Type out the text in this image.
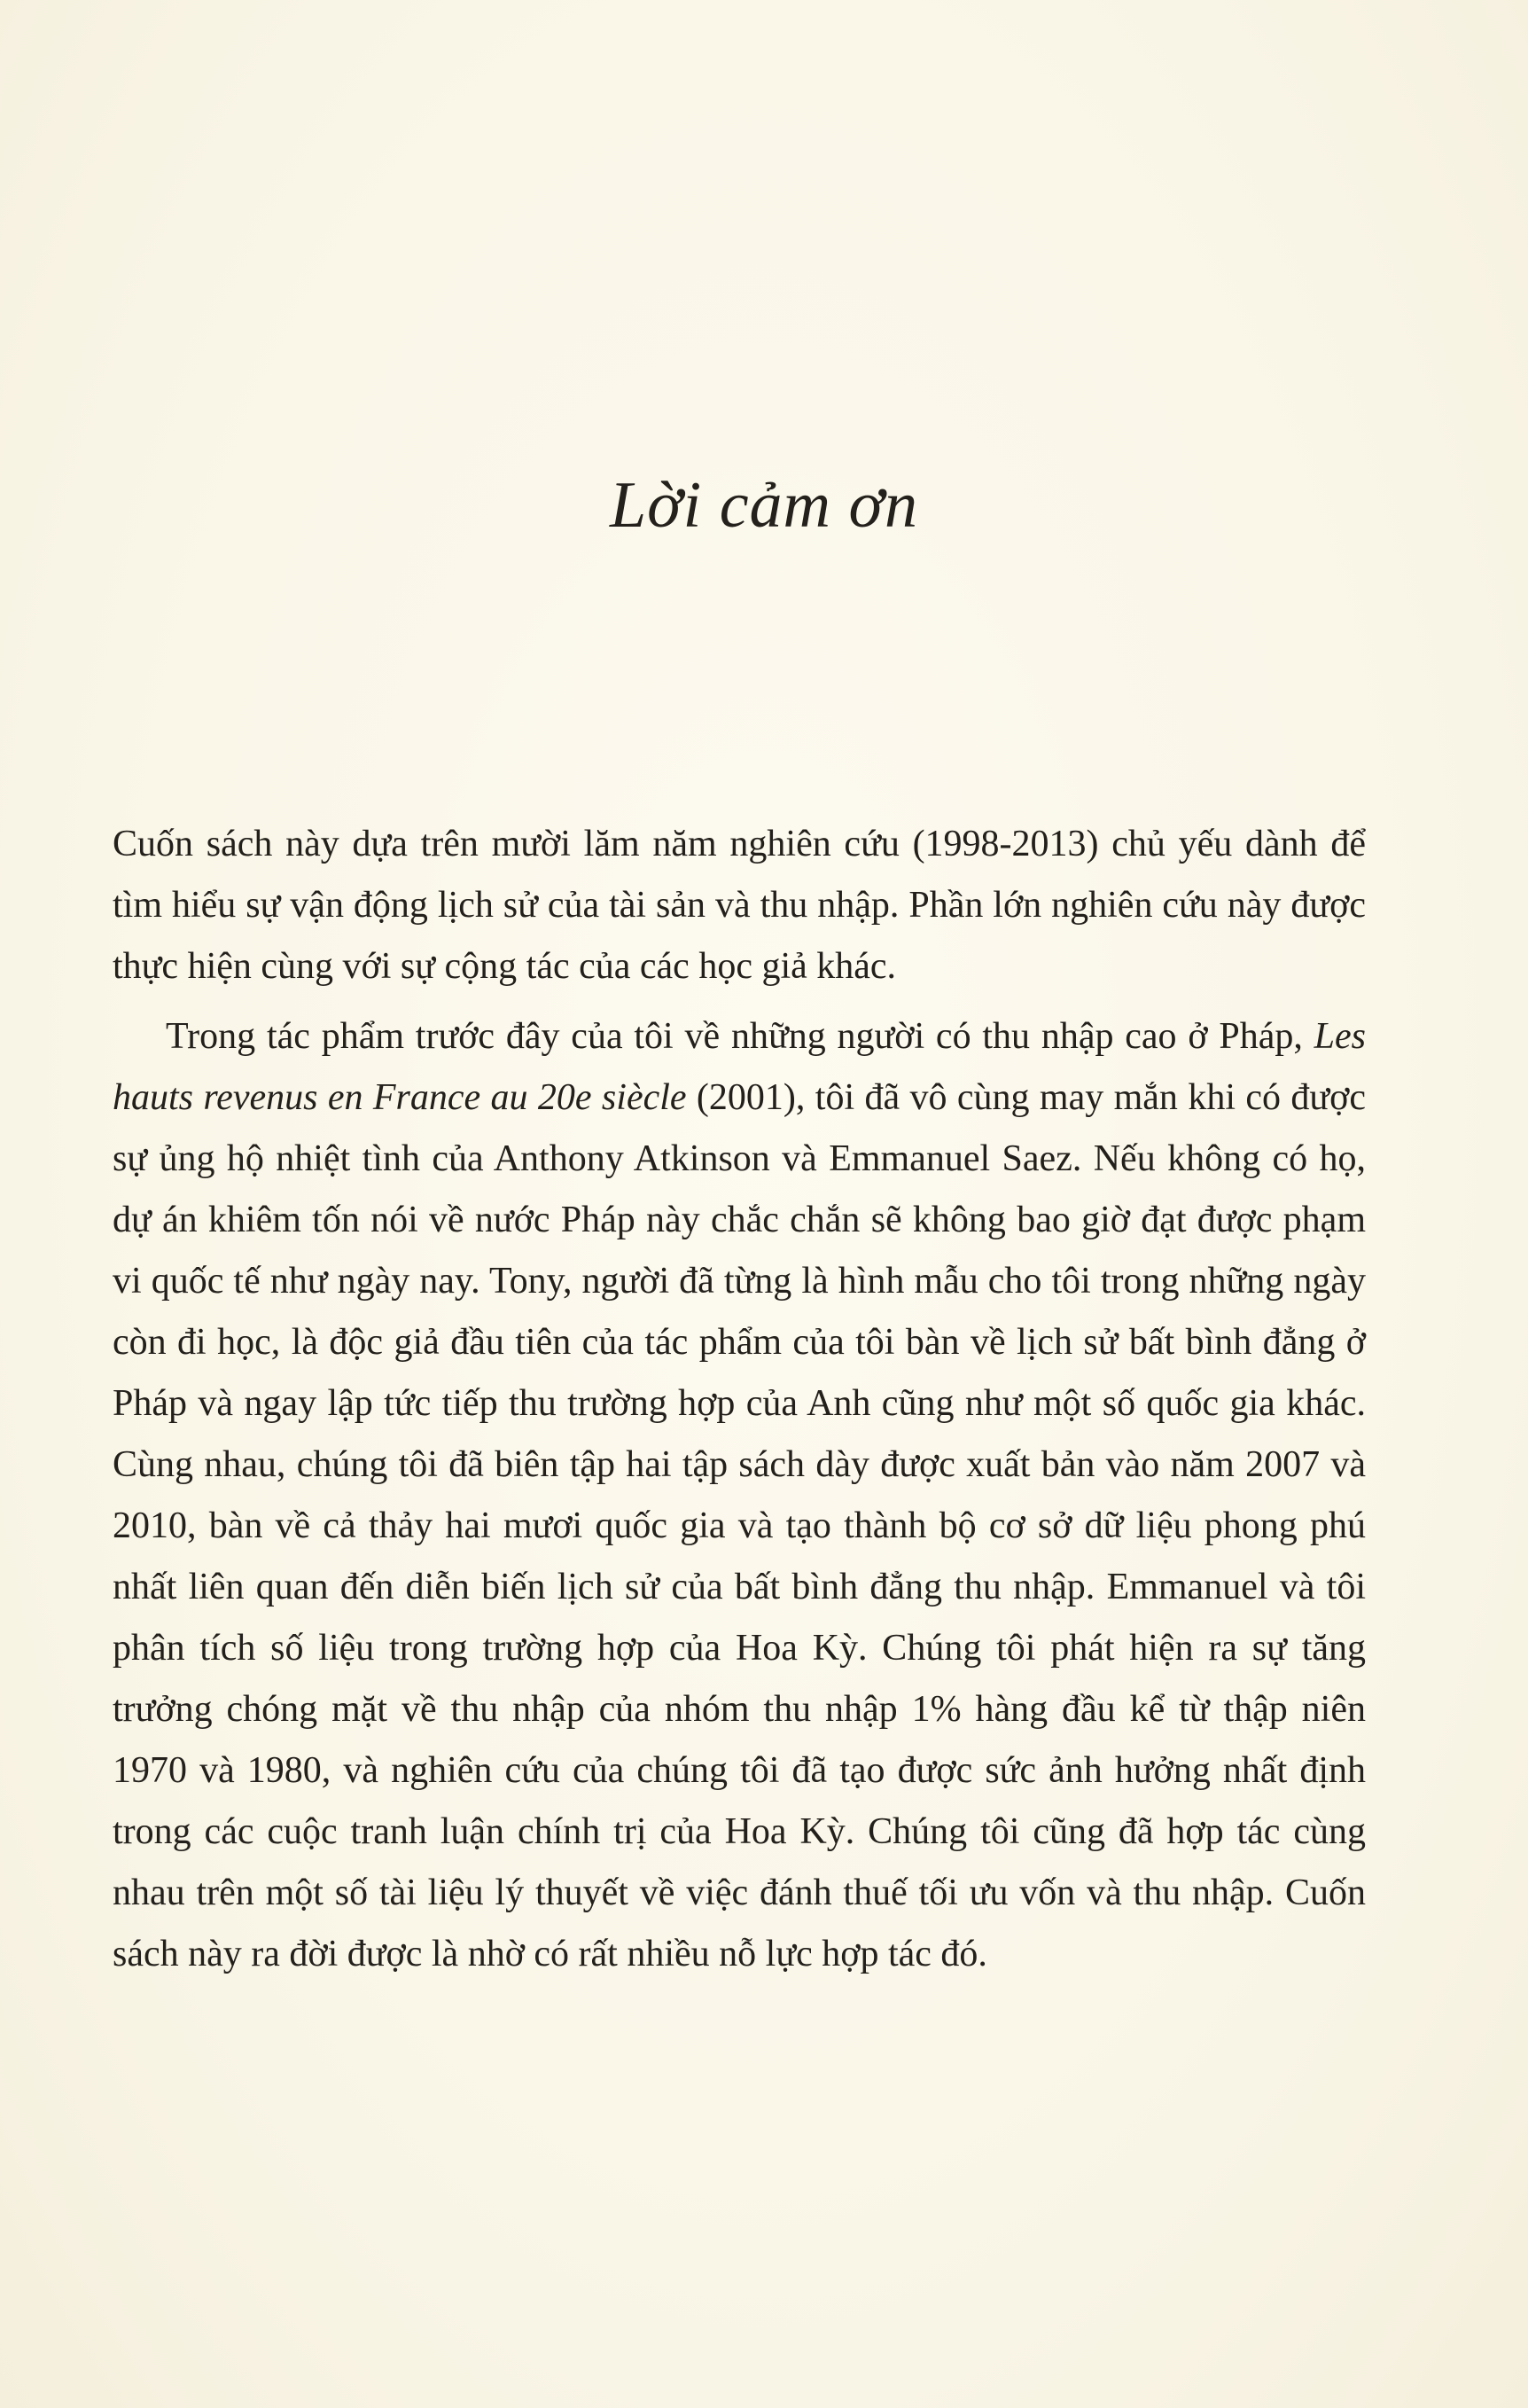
Lời cảm ơn

Cuốn sách này dựa trên mười lăm năm nghiên cứu (1998-2013) chủ yếu dành để tìm hiểu sự vận động lịch sử của tài sản và thu nhập. Phần lớn nghiên cứu này được thực hiện cùng với sự cộng tác của các học giả khác.

Trong tác phẩm trước đây của tôi về những người có thu nhập cao ở Pháp, Les hauts revenus en France au 20e siècle (2001), tôi đã vô cùng may mắn khi có được sự ủng hộ nhiệt tình của Anthony Atkinson và Emmanuel Saez. Nếu không có họ, dự án khiêm tốn nói về nước Pháp này chắc chắn sẽ không bao giờ đạt được phạm vi quốc tế như ngày nay. Tony, người đã từng là hình mẫu cho tôi trong những ngày còn đi học, là độc giả đầu tiên của tác phẩm của tôi bàn về lịch sử bất bình đẳng ở Pháp và ngay lập tức tiếp thu trường hợp của Anh cũng như một số quốc gia khác. Cùng nhau, chúng tôi đã biên tập hai tập sách dày được xuất bản vào năm 2007 và 2010, bàn về cả thảy hai mươi quốc gia và tạo thành bộ cơ sở dữ liệu phong phú nhất liên quan đến diễn biến lịch sử của bất bình đẳng thu nhập. Emmanuel và tôi phân tích số liệu trong trường hợp của Hoa Kỳ. Chúng tôi phát hiện ra sự tăng trưởng chóng mặt về thu nhập của nhóm thu nhập 1% hàng đầu kể từ thập niên 1970 và 1980, và nghiên cứu của chúng tôi đã tạo được sức ảnh hưởng nhất định trong các cuộc tranh luận chính trị của Hoa Kỳ. Chúng tôi cũng đã hợp tác cùng nhau trên một số tài liệu lý thuyết về việc đánh thuế tối ưu vốn và thu nhập. Cuốn sách này ra đời được là nhờ có rất nhiều nỗ lực hợp tác đó.
